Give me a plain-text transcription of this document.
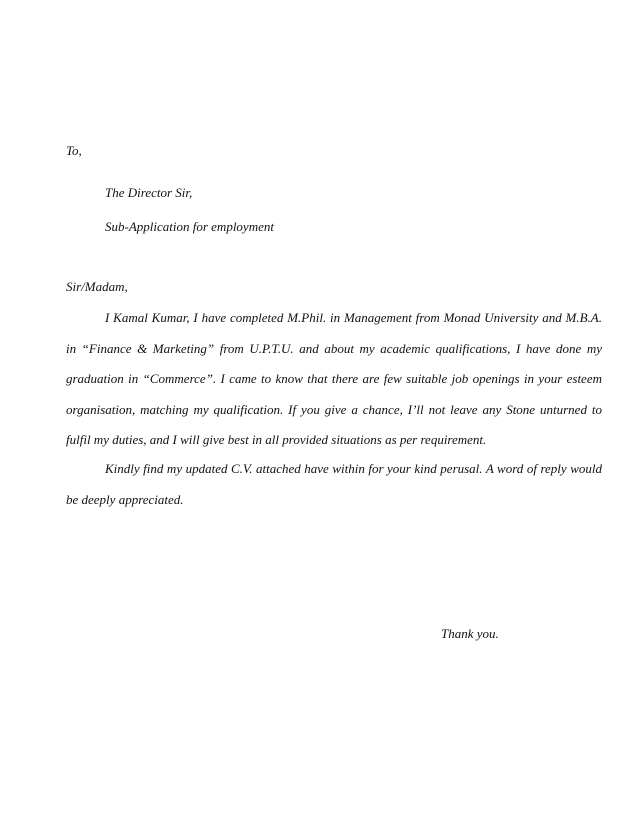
To,
The Director Sir,
Sub-Application for employment
Sir/Madam,

I Kamal Kumar, I have completed M.Phil. in Management from Monad University and M.B.A. in “Finance & Marketing” from U.P.T.U. and about my academic qualifications, I have done my graduation in “Commerce”. I came to know that there are few suitable job openings in your esteem organisation, matching my qualification. If you give a chance, I’ll not leave any Stone unturned to fulfil my duties, and I will give best in all provided situations as per requirement.

Kindly find my updated C.V. attached have within for your kind perusal. A word of reply would be deeply appreciated.

Thank you.
